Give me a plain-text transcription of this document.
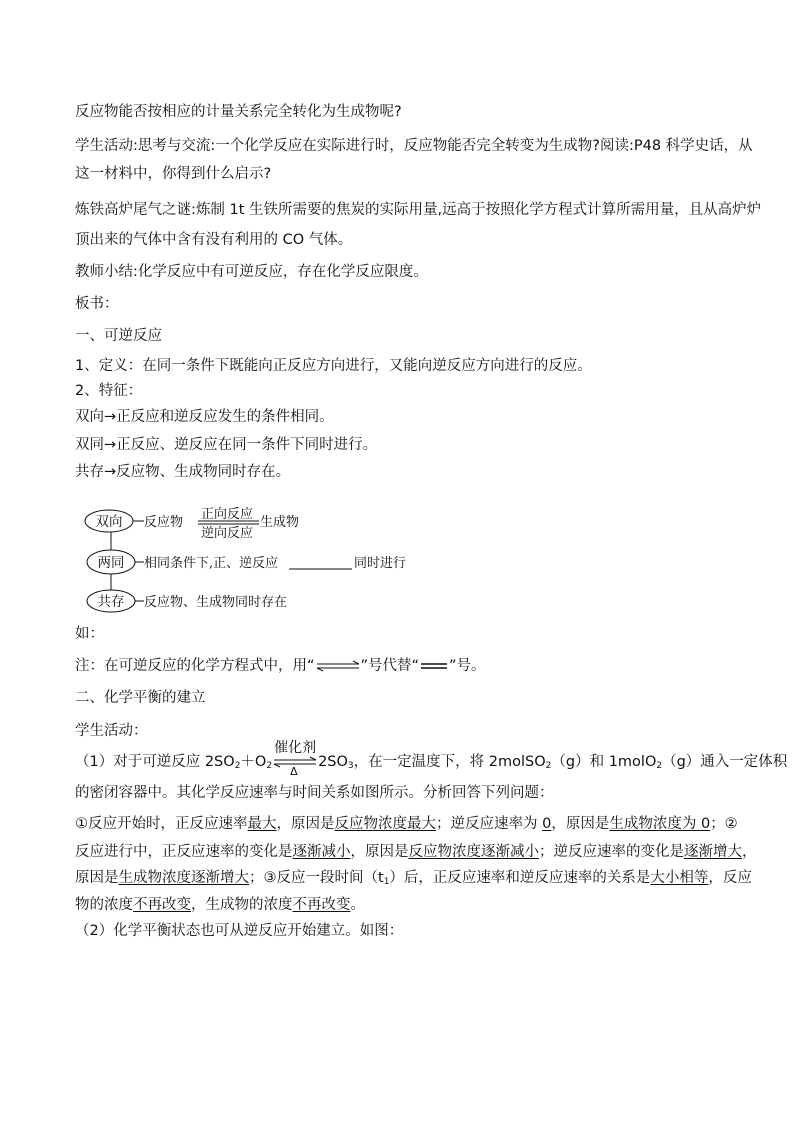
反应物能否按相应的计量关系完全转化为生成物呢?
学生活动:思考与交流:一个化学反应在实际进行时，反应物能否完全转变为生成物?阅读:P48 科学史话，从
这一材料中，你得到什么启示?
炼铁高炉尾气之谜:炼制 1t 生铁所需要的焦炭的实际用量,远高于按照化学方程式计算所需用量，且从高炉炉
顶出来的气体中含有没有利用的 CO 气体。
教师小结:化学反应中有可逆反应，存在化学反应限度。
板书：
一、可逆反应
1、定义：在同一条件下既能向正反应方向进行，又能向逆反应方向进行的反应。
2、特征：
双向→正反应和逆反应发生的条件相同。
双同→正反应、逆反应在同一条件下同时进行。
共存→反应物、生成物同时存在。
双向
两同
共存
反应物
正向反应
逆向反应
生成物
相同条件下,正、逆反应	同时进行
反应物、生成物同时存在
如：
注：在可逆反应的化学方程式中，用“⇌”号代替“ ”号。
二、化学平衡的建立
学生活动：
（1）对于可逆反应 $2SO_2+O_2$
催化剂
Δ
$2SO_3$，在一定温度下，将 2molSO$_2$（g）和 1molO$_2$（g）通入一定体积
的密闭容器中。其化学反应速率与时间关系如图所示。分析回答下列问题：
①反应开始时，正反应速率最大，原因是反应物浓度最大；逆反应速率为 0，原因是生成物浓度为 0；②
反应进行中，正反应速率的变化是逐渐减小，原因是反应物浓度逐渐减小；逆反应速率的变化是逐渐增大，
原因是生成物浓度逐渐增大；③反应一段时间$(t_1)$后，正反应速率和逆反应速率的关系是大小相等，反应
物的浓度不再改变，生成物的浓度不再改变。
（2）化学平衡状态也可从逆反应开始建立。如图：
